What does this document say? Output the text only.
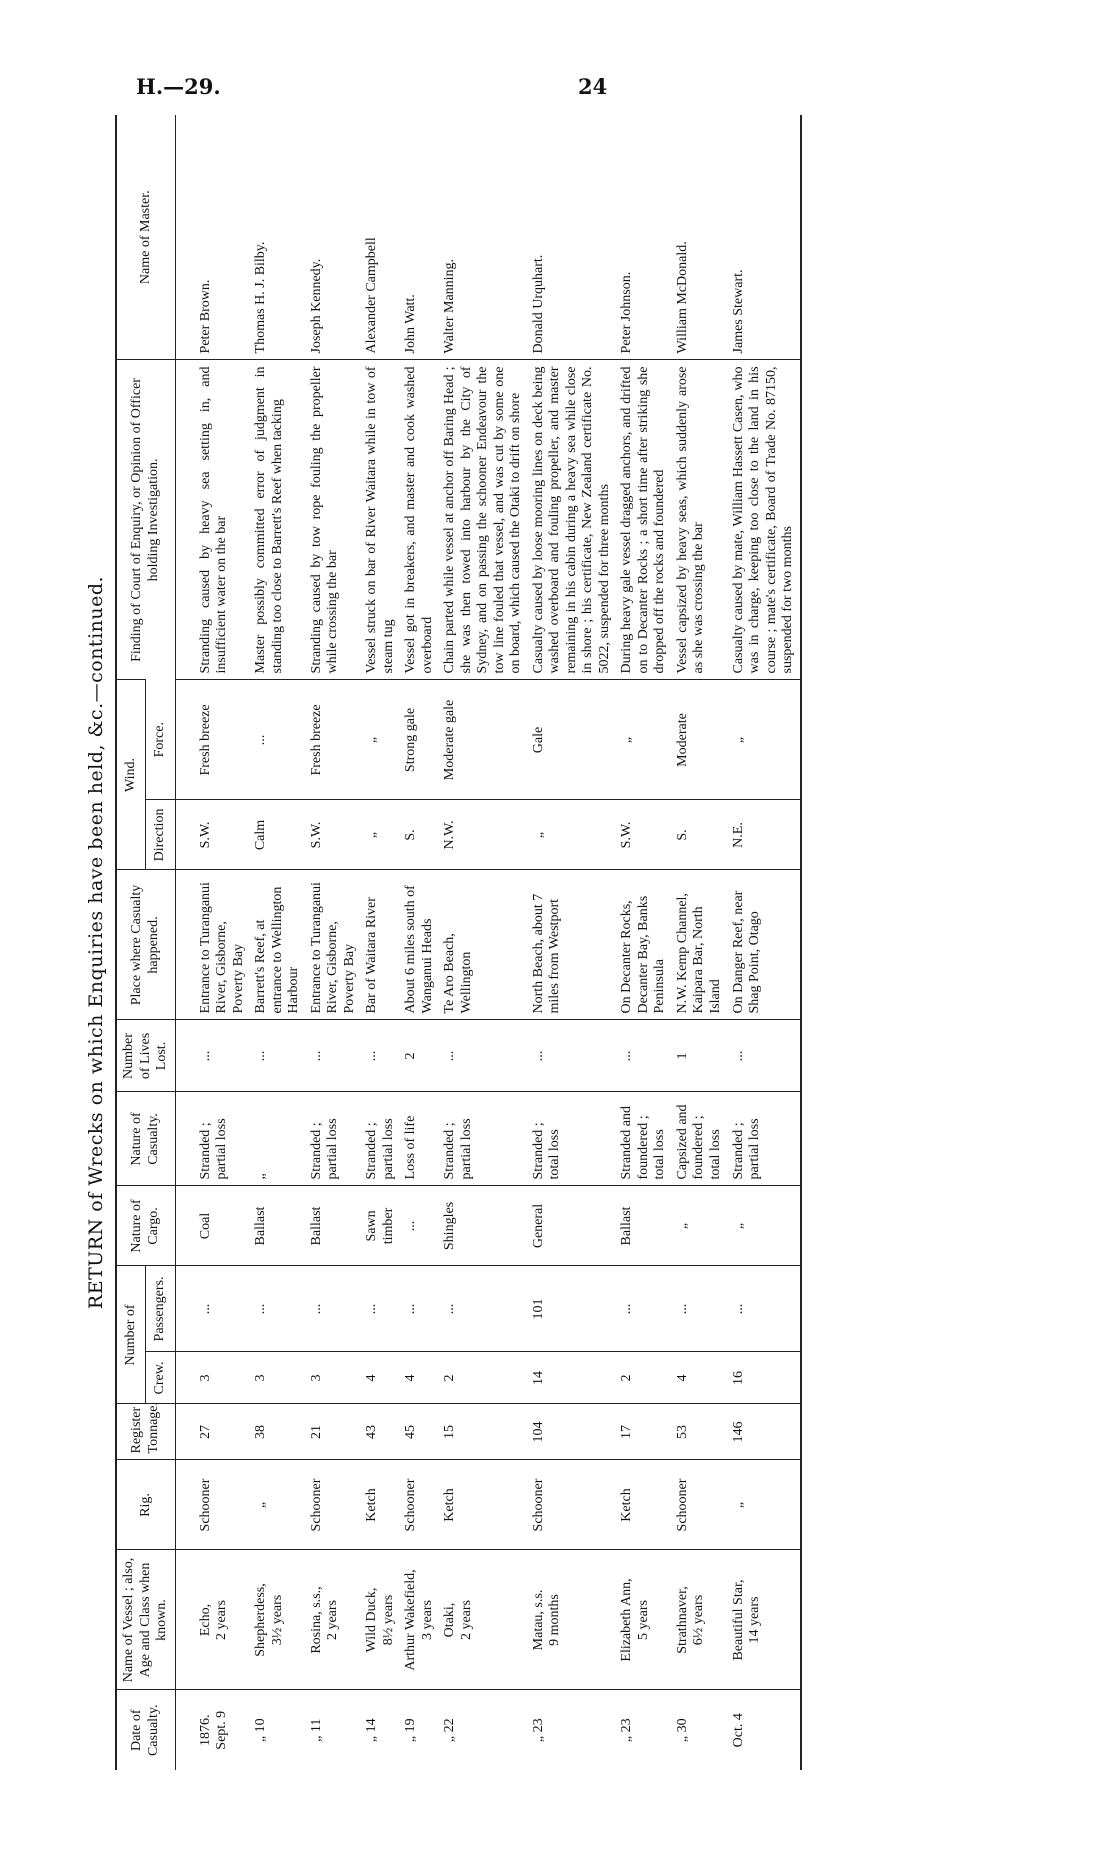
H.—29.	24
RETURN of Wrecks on which Enquiries have been held, &c.—continued.
Date of Casualty.	Name of Vessel ; also, Age and Class when known.	Rig.	Register Tonnage.	Number of		Nature of Cargo.	Nature of Casualty.	Number of Lives Lost.	Place where Casualty happened.	Wind.		Finding of Court of Enquiry, or Opinion of Officer holding Investigation.	Name of Master.
				Crew.	Passengers.					Direction	Force.		

1876. Sept. 9	Echo, 2 years	Schooner	27	3	...	Coal	Stranded ; partial loss	...	Entrance to Turanganui River, Gisborne, Poverty Bay	S.W.	Fresh breeze	Stranding caused by heavy sea setting in, and insufficient water on the bar	Peter Brown.

„ 10	Shepherdess, 3½ years	„	38	3	...	Ballast	„	...	Barrett's Reef, at entrance to Wellington Harbour	Calm	...	Master possibly committed error of judgment in standing too close to Barrett's Reef when tacking	Thomas H. J. Bilby.

„ 11	Rosina, s.s., 2 years	Schooner	21	3	...	Ballast	Stranded ; partial loss	...	Entrance to Turanganui River, Gisborne, Poverty Bay	S.W.	Fresh breeze	Stranding caused by tow rope fouling the propeller while crossing the bar	Joseph Kennedy.

„ 14	Wild Duck, 8½ years	Ketch	43	4	...	Sawn timber	Stranded ; partial loss	...	Bar of Waitara River	„	„	Vessel struck on bar of River Waitara while in tow of steam tug	Alexander Campbell

„ 19	Arthur Wakefield, 3 years	Schooner	45	4	...	...	Loss of life	2	About 6 miles south of Wanganui Heads	S.	Strong gale	Vessel got in breakers, and master and cook washed overboard	John Watt.

„ 22	Otaki, 2 years	Ketch	15	2	...	Shingles	Stranded ; partial loss	...	Te Aro Beach, Wellington	N.W.	Moderate gale	Chain parted while vessel at anchor off Baring Head ; she was then towed into harbour by the City of Sydney, and on passing the schooner Endeavour the tow line fouled that vessel, and was cut by some one on board, which caused the Otaki to drift on shore	Walter Manning.

„ 23	Matau, s.s. 9 months	Schooner	104	14	101	General	Stranded ; total loss	...	North Beach, about 7 miles from Westport	„	Gale	Casualty caused by loose mooring lines on deck being washed overboard and fouling propeller, and master remaining in his cabin during a heavy sea while close in shore ; his certificate, New Zealand certificate No. 5022, suspended for three months	Donald Urquhart.

„ 23	Elizabeth Ann, 5 years	Ketch	17	2	...	Ballast	Stranded and foundered ; total loss	...	On Decanter Rocks, Decanter Bay, Banks Peninsula	S.W.	„	During heavy gale vessel dragged anchors, and drifted on to Decanter Rocks ; a short time after striking she dropped off the rocks and foundered	Peter Johnson.

„ 30	Strathnaver, 6½ years	Schooner	53	4	...	„	Capsized and foundered ; total loss	1	N.W. Kemp Channel, Kaipara Bar, North Island	S.	Moderate	Vessel capsized by heavy seas, which suddenly arose as she was crossing the bar	William McDonald.

Oct. 4	Beautiful Star, 14 years	„	146	16	...	„	Stranded ; partial loss	...	On Danger Reef, near Shag Point, Otago	N.E.	„	Casualty caused by mate, William Hassett Casen, who was in charge, keeping too close to the land in his course ; mate's certificate, Board of Trade No. 87150, suspended for two months	James Stewart.
